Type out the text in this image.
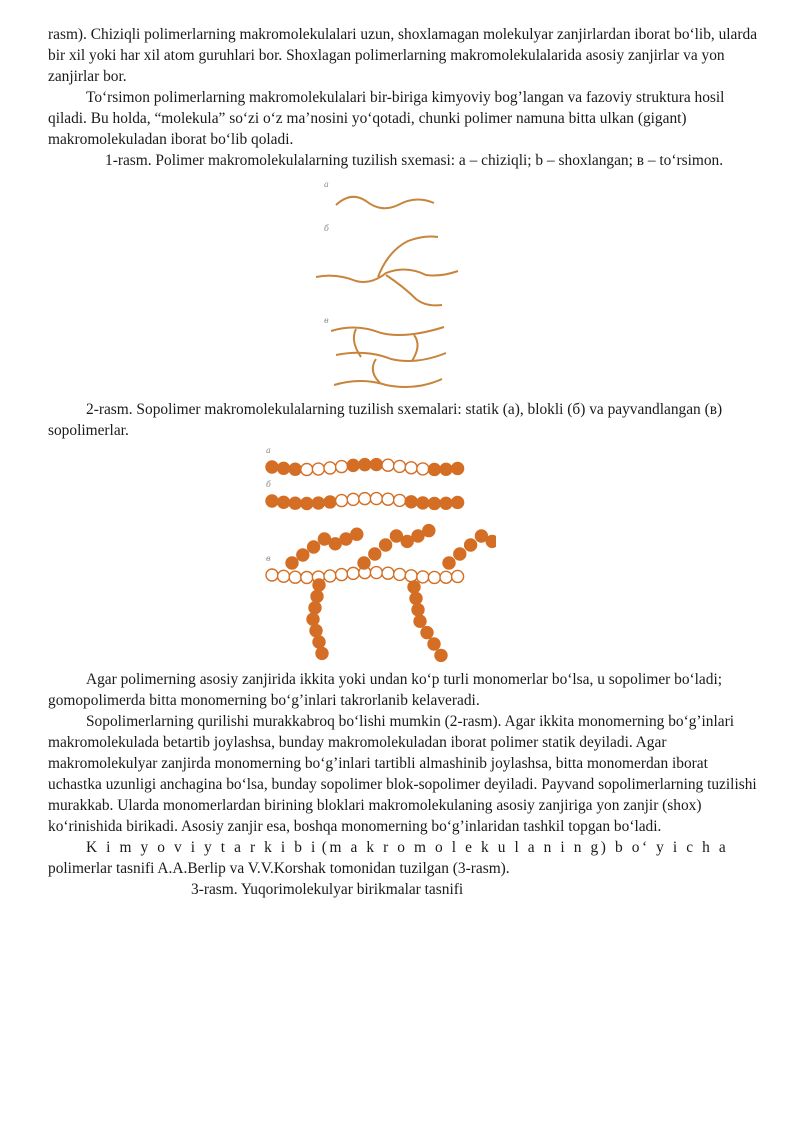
rasm). Chiziqli polimerlarning makromolekulalari uzun, shoxlamagan molekulyar zanjirlardan iborat bo‘lib, ularda bir xil yoki har xil atom guruhlari bor. Shoxlagan polimerlarning makromolekulalarida asosiy zanjirlar va yon zanjirlar bor.

To‘rsimon polimerlarning makromolekulalari bir-biriga kimyoviy bog’langan va fazoviy struktura hosil qiladi. Bu holda, “molekula” so‘zi o‘z ma’nosini yo‘qotadi, chunki polimer namuna bitta ulkan (gigant) makromolekuladan iborat bo‘lib qoladi.

1-rasm. Polimer makromolekulalarning tuzilish sxemasi: a – chiziqli; b – shoxlangan; в – to‘rsimon.

a
б
в

2-rasm. Sopolimer makromolekulalarning tuzilish sxemalari: statik (a), blokli (б) va payvandlangan (в) sopolimerlar.

a
б
в

Agar polimerning asosiy zanjirida ikkita yoki undan ko‘p turli monomerlar bo‘lsa, u sopolimer bo‘ladi; gomopolimerda bitta monomerning bo‘g’inlari takrorlanib kelaveradi.

Sopolimerlarning qurilishi murakkabroq bo‘lishi mumkin (2-rasm). Agar ikkita monomerning bo‘g’inlari makromolekulada betartib joylashsa, bunday makromolekuladan iborat polimer statik deyiladi. Agar makromolekulyar zanjirda monomerning bo‘g’inlari tartibli almashinib joylashsa, bitta monomerdan iborat uchastka uzunligi anchagina bo‘lsa, bunday sopolimer blok-sopolimer deyiladi. Payvand sopolimerlarning tuzilishi murakkab. Ularda monomerlardan birining bloklari makromolekulaning asosiy zanjiriga yon zanjir (shox) ko‘rinishida birikadi. Asosiy zanjir esa, boshqa monomerning bo‘g’inlaridan tashkil topgan bo‘ladi.

K i m y o v i y t a r k i b i (m a k r o m o l e k u l a n i n g) b o‘ y i c h a polimerlar tasnifi A.A.Berlip va V.V.Korshak tomonidan tuzilgan (3-rasm).

3-rasm. Yuqorimolekulyar birikmalar tasnifi
